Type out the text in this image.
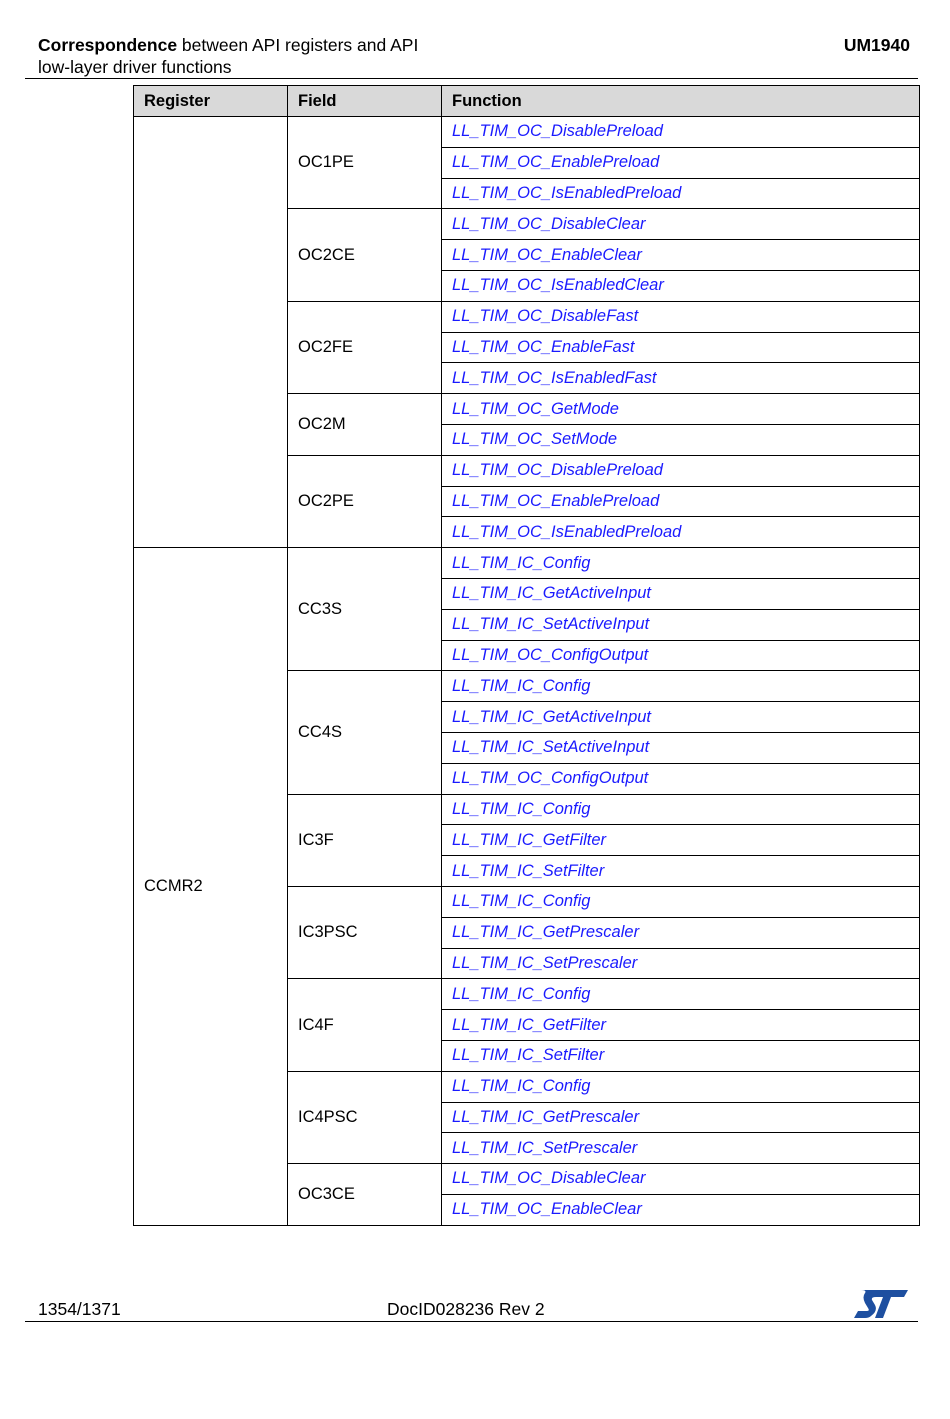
Correspondence between API registers and API
low-layer driver functions
UM1940
Register	Field	Function
	OC1PE	LL_TIM_OC_DisablePreload
		LL_TIM_OC_EnablePreload
		LL_TIM_OC_IsEnabledPreload
	OC2CE	LL_TIM_OC_DisableClear
		LL_TIM_OC_EnableClear
		LL_TIM_OC_IsEnabledClear
	OC2FE	LL_TIM_OC_DisableFast
		LL_TIM_OC_EnableFast
		LL_TIM_OC_IsEnabledFast
	OC2M	LL_TIM_OC_GetMode
		LL_TIM_OC_SetMode
	OC2PE	LL_TIM_OC_DisablePreload
		LL_TIM_OC_EnablePreload
		LL_TIM_OC_IsEnabledPreload
CCMR2	CC3S	LL_TIM_IC_Config
		LL_TIM_IC_GetActiveInput
		LL_TIM_IC_SetActiveInput
		LL_TIM_OC_ConfigOutput
	CC4S	LL_TIM_IC_Config
		LL_TIM_IC_GetActiveInput
		LL_TIM_IC_SetActiveInput
		LL_TIM_OC_ConfigOutput
	IC3F	LL_TIM_IC_Config
		LL_TIM_IC_GetFilter
		LL_TIM_IC_SetFilter
	IC3PSC	LL_TIM_IC_Config
		LL_TIM_IC_GetPrescaler
		LL_TIM_IC_SetPrescaler
	IC4F	LL_TIM_IC_Config
		LL_TIM_IC_GetFilter
		LL_TIM_IC_SetFilter
	IC4PSC	LL_TIM_IC_Config
		LL_TIM_IC_GetPrescaler
		LL_TIM_IC_SetPrescaler
	OC3CE	LL_TIM_OC_DisableClear
		LL_TIM_OC_EnableClear
1354/1371	DocID028236 Rev 2
